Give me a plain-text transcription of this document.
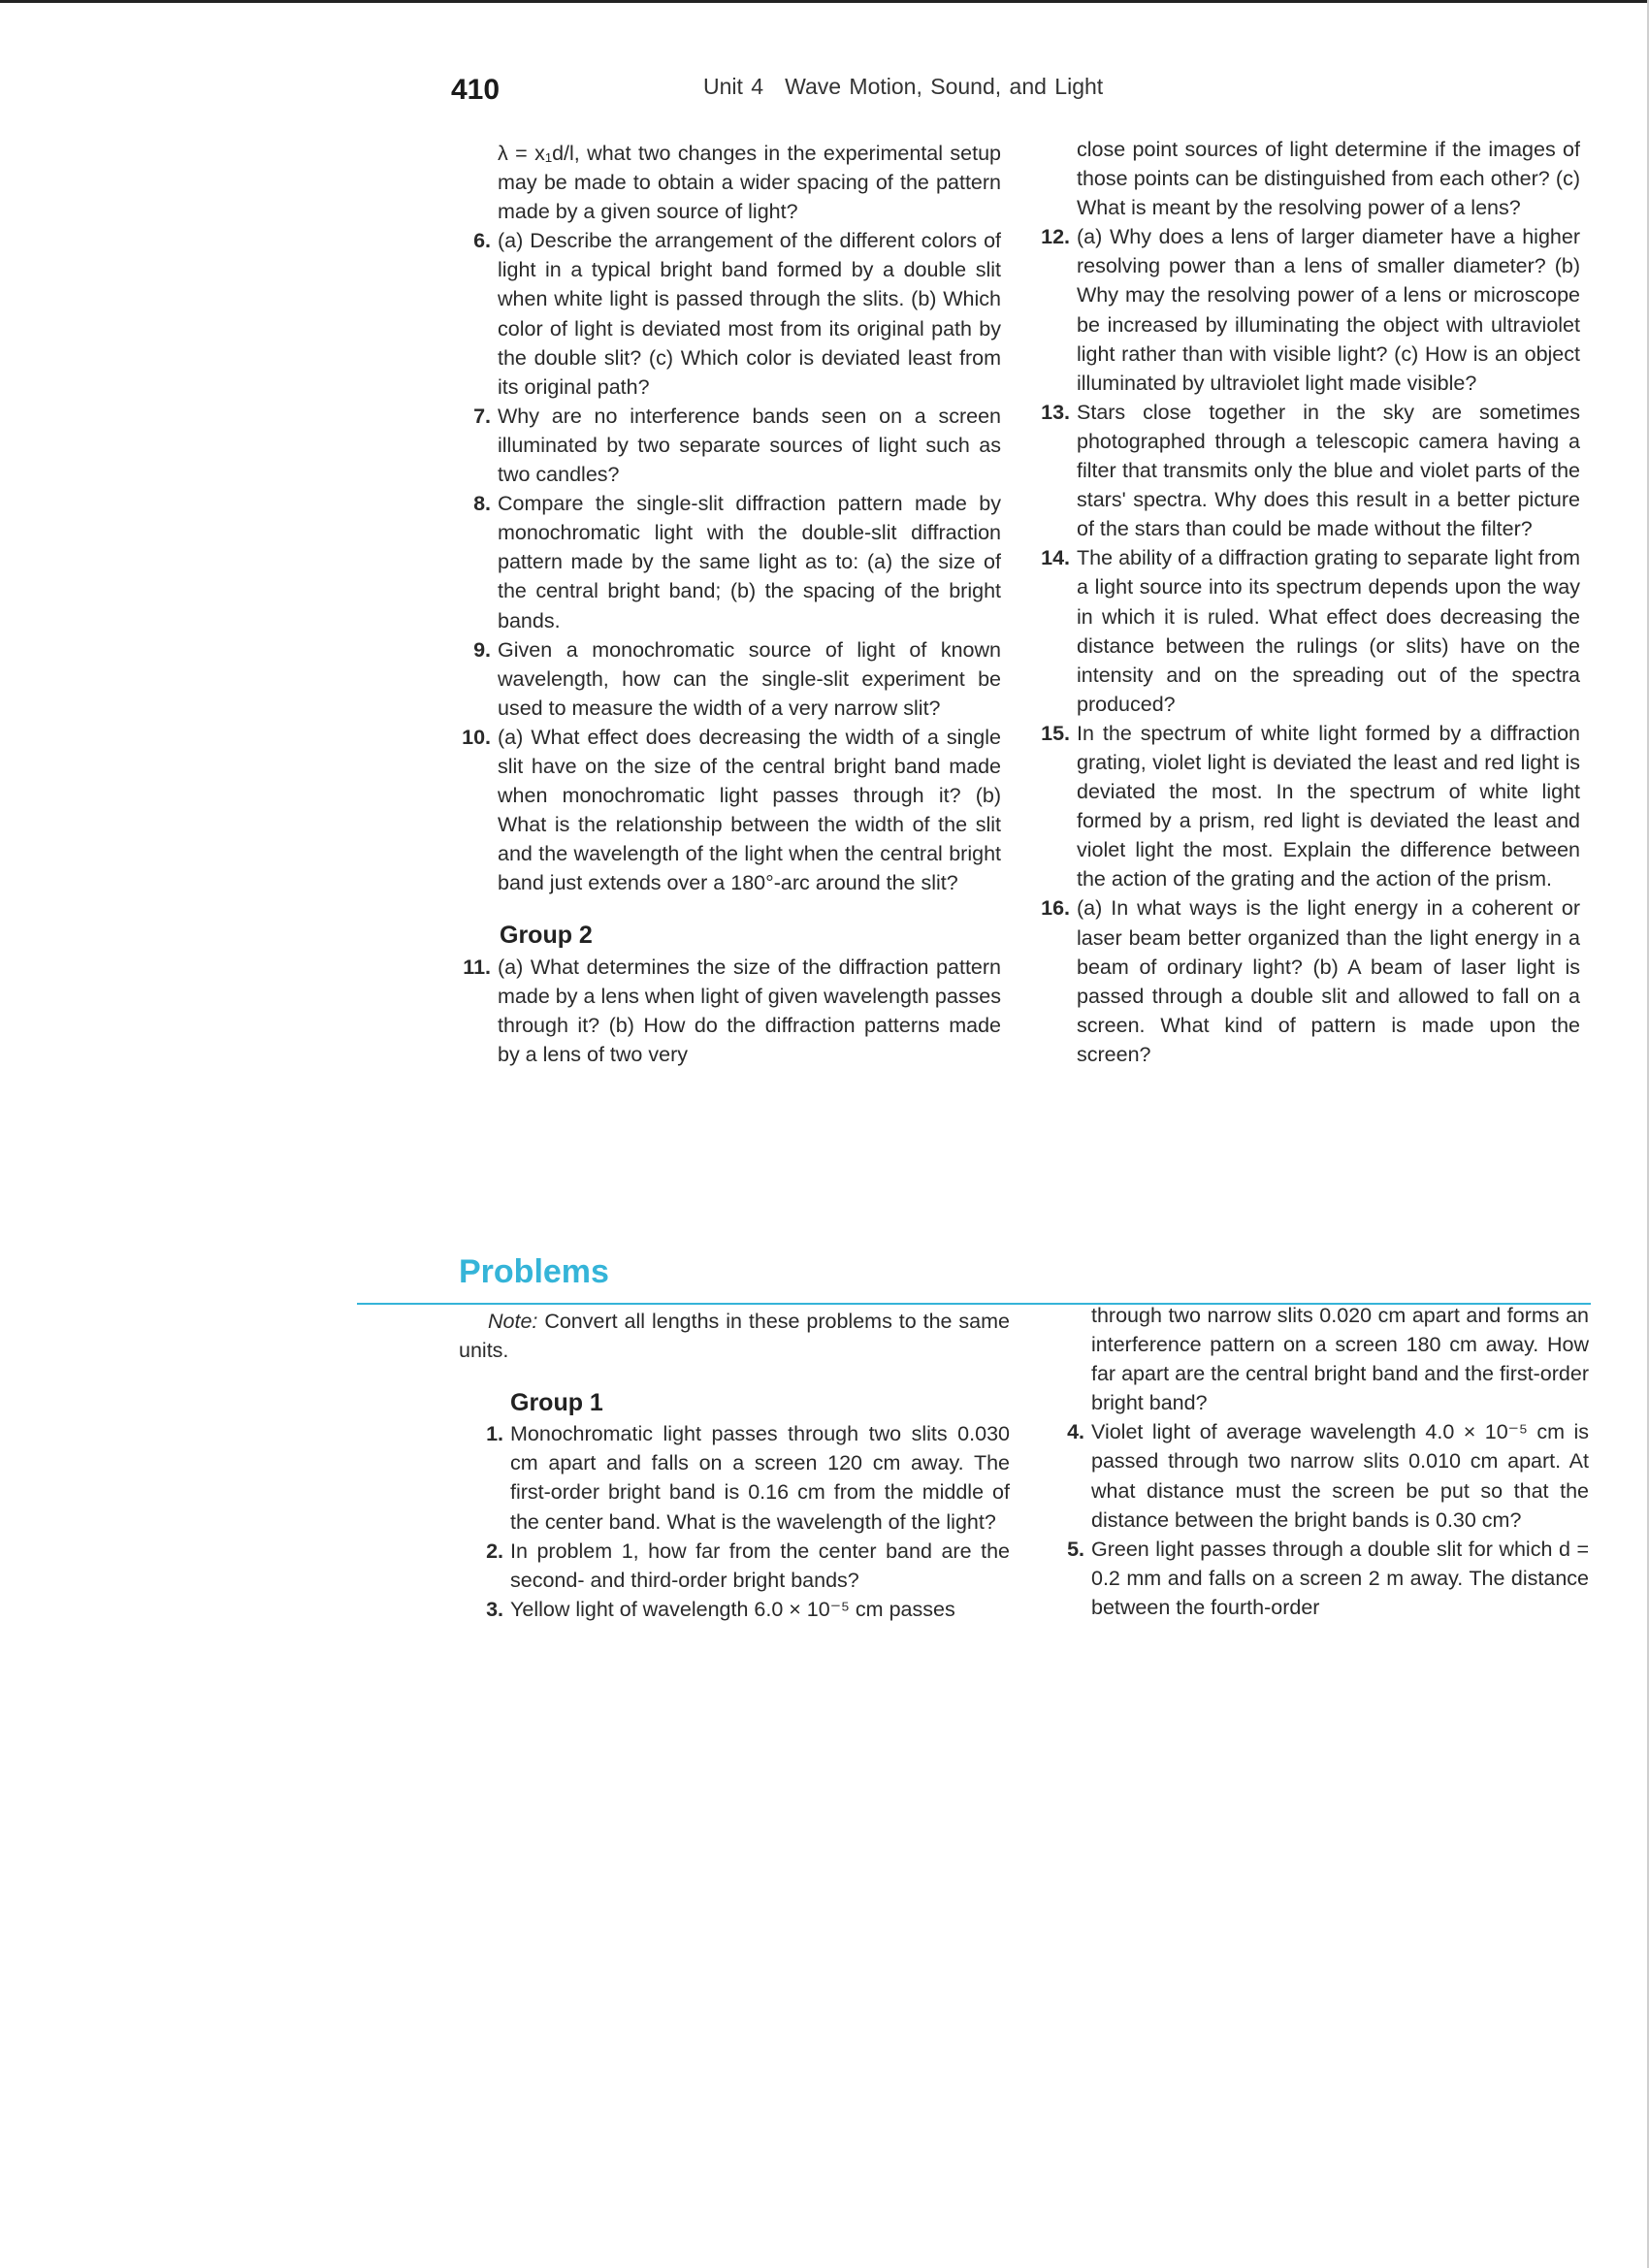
410	Unit 4 Wave Motion, Sound, and Light

λ = x₁d/l, what two changes in the experimental setup may be made to obtain a wider spacing of the pattern made by a given source of light?

6. (a) Describe the arrangement of the different colors of light in a typical bright band formed by a double slit when white light is passed through the slits. (b) Which color of light is deviated most from its original path by the double slit? (c) Which color is deviated least from its original path?

7. Why are no interference bands seen on a screen illuminated by two separate sources of light such as two candles?

8. Compare the single-slit diffraction pattern made by monochromatic light with the double-slit diffraction pattern made by the same light as to: (a) the size of the central bright band; (b) the spacing of the bright bands.

9. Given a monochromatic source of light of known wavelength, how can the single-slit experiment be used to measure the width of a very narrow slit?

10. (a) What effect does decreasing the width of a single slit have on the size of the central bright band made when monochromatic light passes through it? (b) What is the relationship between the width of the slit and the wavelength of the light when the central bright band just extends over a 180°-arc around the slit?

Group 2
11. (a) What determines the size of the diffraction pattern made by a lens when light of given wavelength passes through it? (b) How do the diffraction patterns made by a lens of two very

close point sources of light determine if the images of those points can be distinguished from each other? (c) What is meant by the resolving power of a lens?

12. (a) Why does a lens of larger diameter have a higher resolving power than a lens of smaller diameter? (b) Why may the resolving power of a lens or microscope be increased by illuminating the object with ultraviolet light rather than with visible light? (c) How is an object illuminated by ultraviolet light made visible?

13. Stars close together in the sky are sometimes photographed through a telescopic camera having a filter that transmits only the blue and violet parts of the stars' spectra. Why does this result in a better picture of the stars than could be made without the filter?

14. The ability of a diffraction grating to separate light from a light source into its spectrum depends upon the way in which it is ruled. What effect does decreasing the distance between the rulings (or slits) have on the intensity and on the spreading out of the spectra produced?

15. In the spectrum of white light formed by a diffraction grating, violet light is deviated the least and red light is deviated the most. In the spectrum of white light formed by a prism, red light is deviated the least and violet light the most. Explain the difference between the action of the grating and the action of the prism.

16. (a) In what ways is the light energy in a coherent or laser beam better organized than the light energy in a beam of ordinary light? (b) A beam of laser light is passed through a double slit and allowed to fall on a screen. What kind of pattern is made upon the screen?

Problems

Note: Convert all lengths in these problems to the same units.

Group 1
1. Monochromatic light passes through two slits 0.030 cm apart and falls on a screen 120 cm away. The first-order bright band is 0.16 cm from the middle of the center band. What is the wavelength of the light?

2. In problem 1, how far from the center band are the second- and third-order bright bands?

3. Yellow light of wavelength 6.0 × 10⁻⁵ cm passes

through two narrow slits 0.020 cm apart and forms an interference pattern on a screen 180 cm away. How far apart are the central bright band and the first-order bright band?

4. Violet light of average wavelength 4.0 × 10⁻⁵ cm is passed through two narrow slits 0.010 cm apart. At what distance must the screen be put so that the distance between the bright bands is 0.30 cm?

5. Green light passes through a double slit for which d = 0.2 mm and falls on a screen 2 m away. The distance between the fourth-order
